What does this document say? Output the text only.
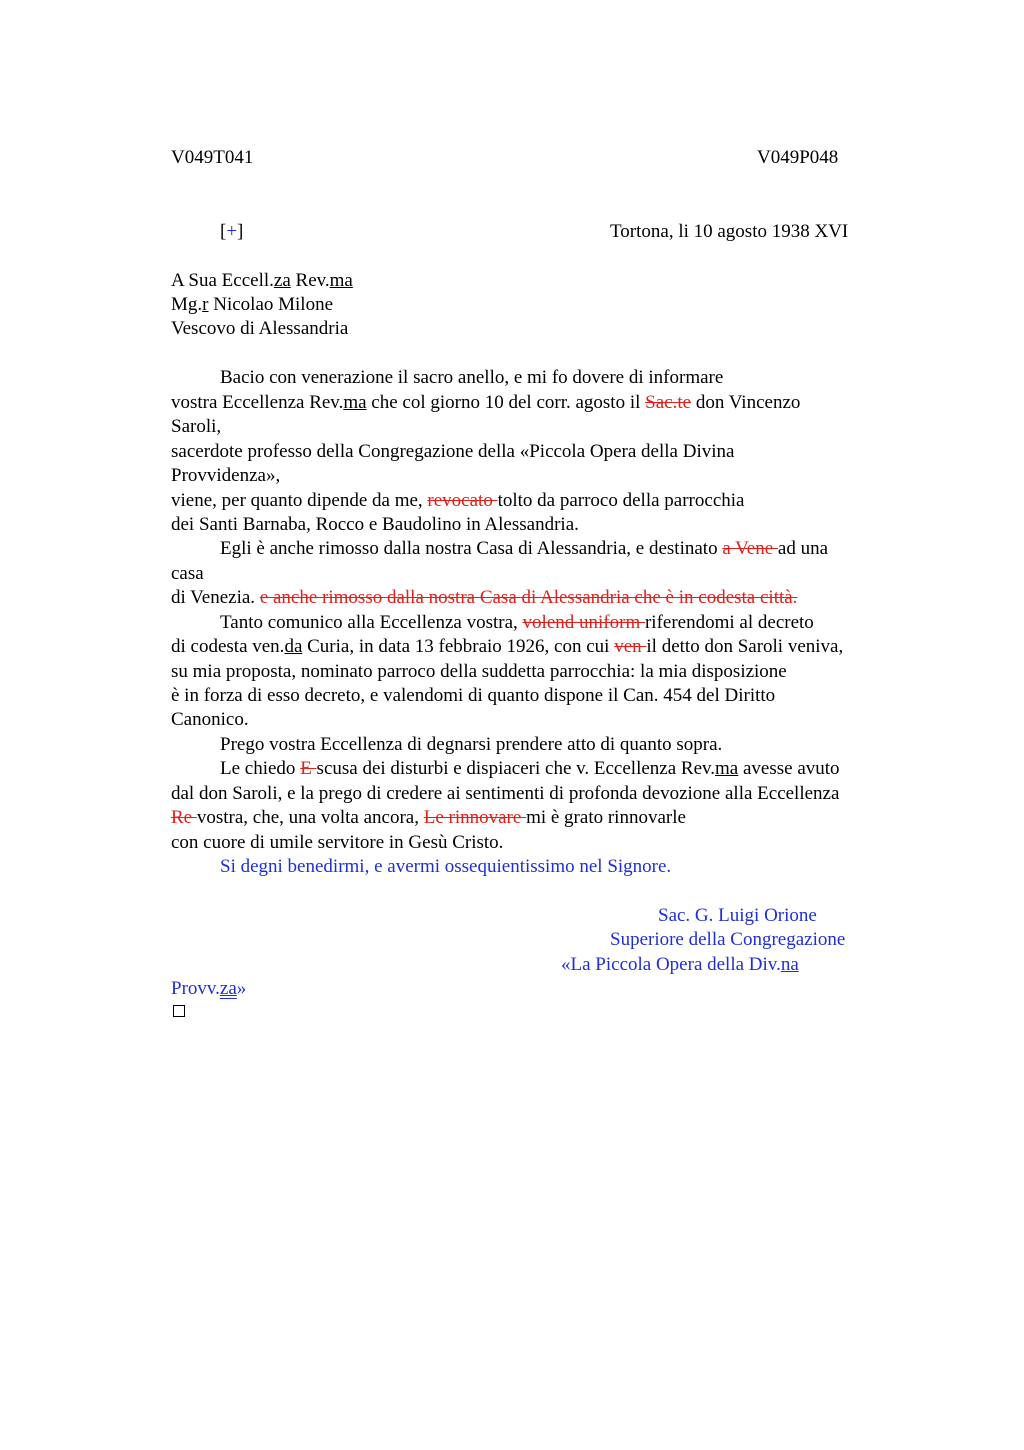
V049T041	V049P048
[+]	Tortona, li 10 agosto 1938 XVI
A Sua Eccell.za Rev.ma
Mg.r Nicolao Milone
Vescovo di Alessandria
Bacio con venerazione il sacro anello, e mi fo dovere di informare
vostra Eccellenza Rev.ma che col giorno 10 del corr. agosto il Sac.te don Vincenzo
Saroli,
sacerdote professo della Congregazione della «Piccola Opera della Divina
Provvidenza»,
viene, per quanto dipende da me, revocato tolto da parroco della parrocchia
dei Santi Barnaba, Rocco e Baudolino in Alessandria.
Egli è anche rimosso dalla nostra Casa di Alessandria, e destinato a Vene ad una
casa
di Venezia. e anche rimosso dalla nostra Casa di Alessandria che è in codesta città.
Tanto comunico alla Eccellenza vostra, volend uniform riferendomi al decreto
di codesta ven.da Curia, in data 13 febbraio 1926, con cui ven il detto don Saroli veniva,
su mia proposta, nominato parroco della suddetta parrocchia: la mia disposizione
è in forza di esso decreto, e valendomi di quanto dispone il Can. 454 del Diritto
Canonico.
Prego vostra Eccellenza di degnarsi prendere atto di quanto sopra.
Le chiedo E scusa dei disturbi e dispiaceri che v. Eccellenza Rev.ma avesse avuto
dal don Saroli, e la prego di credere ai sentimenti di profonda devozione alla Eccellenza
Re vostra, che, una volta ancora, Le rinnovare mi è grato rinnovarle
con cuore di umile servitore in Gesù Cristo.
Si degni benedirmi, e avermi ossequientissimo nel Signore.
Sac. G. Luigi Orione
Superiore della Congregazione
«La Piccola Opera della Div.na
Provv.za»
